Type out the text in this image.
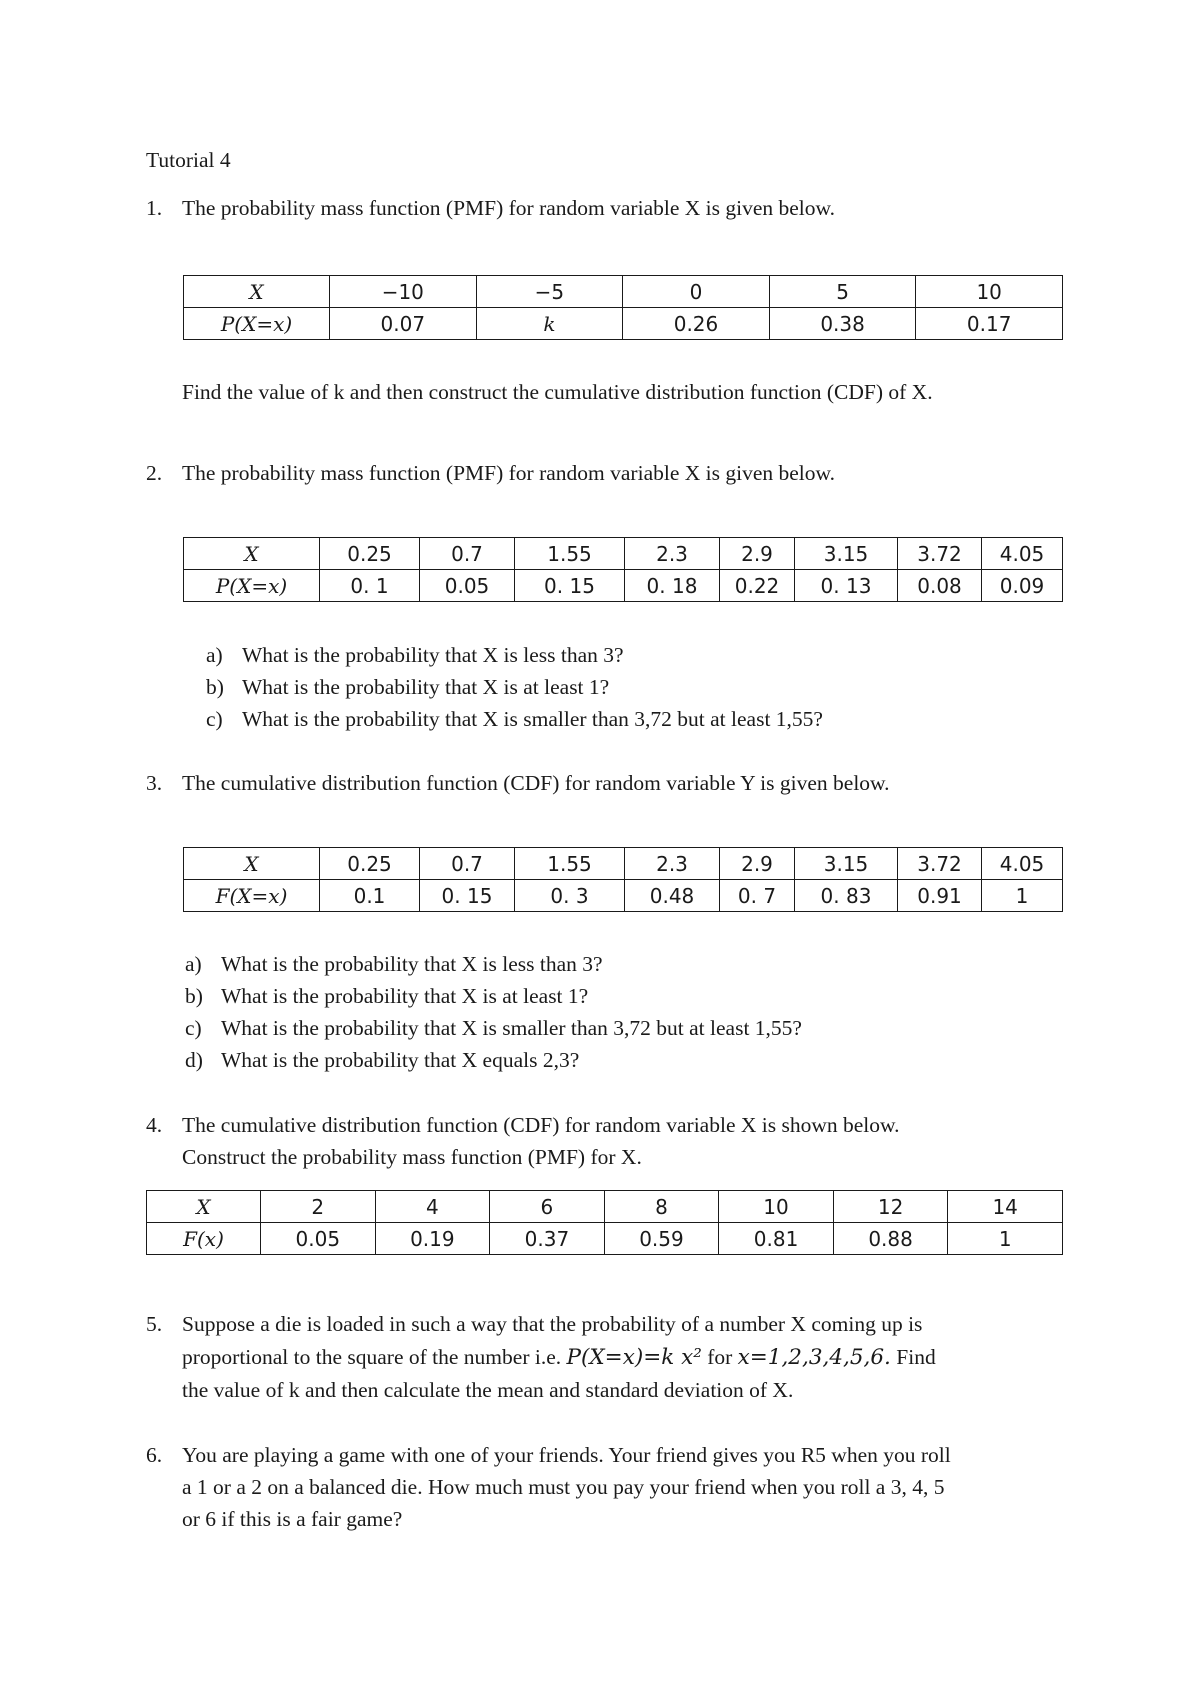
Tutorial 4
1. The probability mass function (PMF) for random variable X is given below.
X	−10	−5	0	5	10
P(X=x)	0.07	k	0.26	0.38	0.17
Find the value of k and then construct the cumulative distribution function (CDF) of X.
2. The probability mass function (PMF) for random variable X is given below.
X	0.25	0.7	1.55	2.3	2.9	3.15	3.72	4.05
P(X=x)	0. 1	0.05	0. 15	0. 18	0.22	0. 13	0.08	0.09
a) What is the probability that X is less than 3?
b) What is the probability that X is at least 1?
c) What is the probability that X is smaller than 3,72 but at least 1,55?
3. The cumulative distribution function (CDF) for random variable Y is given below.
X	0.25	0.7	1.55	2.3	2.9	3.15	3.72	4.05
F(X=x)	0.1	0. 15	0. 3	0.48	0. 7	0. 83	0.91	1
a) What is the probability that X is less than 3?
b) What is the probability that X is at least 1?
c) What is the probability that X is smaller than 3,72 but at least 1,55?
d) What is the probability that X equals 2,3?
4. The cumulative distribution function (CDF) for random variable X is shown below.
Construct the probability mass function (PMF) for X.
X	2	4	6	8	10	12	14
F(x)	0.05	0.19	0.37	0.59	0.81	0.88	1
5. Suppose a die is loaded in such a way that the probability of a number X coming up is
proportional to the square of the number i.e. P(X=x)=k x² for x=1,2,3,4,5,6. Find
the value of k and then calculate the mean and standard deviation of X.
6. You are playing a game with one of your friends. Your friend gives you R5 when you roll
a 1 or a 2 on a balanced die. How much must you pay your friend when you roll a 3, 4, 5
or 6 if this is a fair game?
